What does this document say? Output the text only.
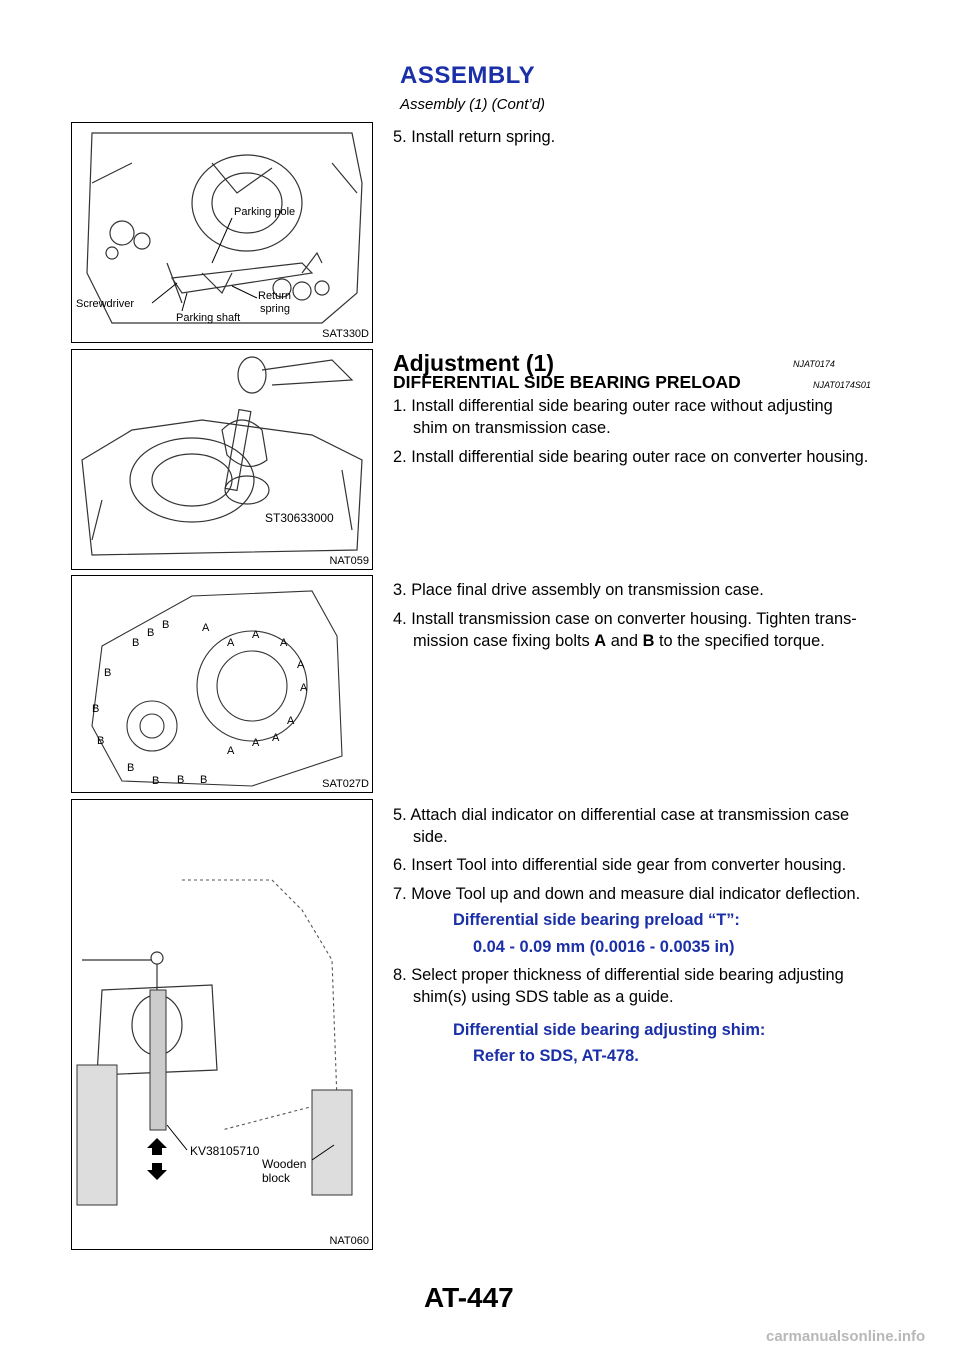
ASSEMBLY
Assembly (1) (Cont’d)
Parking pole
Screwdriver
Parking shaft
Return
spring
SAT330D
ST30633000
NAT059
B
B
B
B
B
B
B
B B B
A
A
A
A
A
A
A
A
A
A
SAT027D
KV38105710
Wooden
block
NAT060
5. Install return spring.
Adjustment (1)	NJAT0174
DIFFERENTIAL SIDE BEARING PRELOAD	NJAT0174S01
1. Install differential side bearing outer race without adjusting
shim on transmission case.
2. Install differential side bearing outer race on converter housing.
3. Place final drive assembly on transmission case.
4. Install transmission case on converter housing. Tighten trans-
mission case fixing bolts A and B to the specified torque.
5. Attach dial indicator on differential case at transmission case
side.
6. Insert Tool into differential side gear from converter housing.
7. Move Tool up and down and measure dial indicator deflection.
Differential side bearing preload “T”:
0.04 - 0.09 mm (0.0016 - 0.0035 in)
8. Select proper thickness of differential side bearing adjusting
shim(s) using SDS table as a guide.
Differential side bearing adjusting shim:
Refer to SDS, AT-478.
AT-447
carmanualsonline.info
